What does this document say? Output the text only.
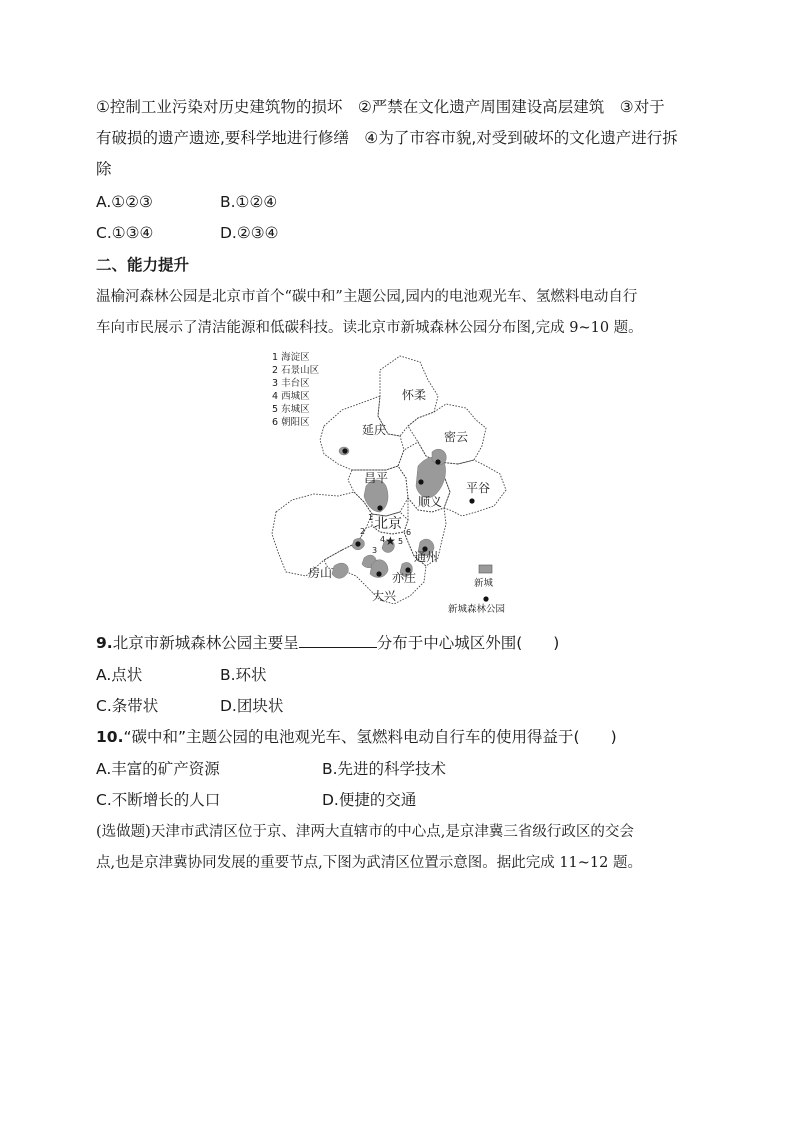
①控制工业污染对历史建筑物的损坏　②严禁在文化遗产周围建设高层建筑　③对于
有破损的遗产遗迹,要科学地进行修缮　④为了市容市貌,对受到破坏的文化遗产进行拆
除
A.①②③	B.①②④
C.①③④	D.②③④
二、能力提升
温榆河森林公园是北京市首个“碳中和”主题公园,园内的电池观光车、氢燃料电动自行
车向市民展示了清洁能源和低碳科技。读北京市新城森林公园分布图,完成 9~10 题。
1 海淀区
2 石景山区
3 丰台区
4 西城区
5 东城区
6 朝阳区
怀柔
延庆	密云
昌平
顺义
平谷
房山
通州
亦庄
大兴
北京
★
1
2
3
4 5
6
新城
新城森林公园
9.北京市新城森林公园主要呈	分布于中心城区外围(　　)
A.点状	B.环状
C.条带状	D.团块状
10.“碳中和”主题公园的电池观光车、氢燃料电动自行车的使用得益于(　　)
A.丰富的矿产资源	B.先进的科学技术
C.不断增长的人口	D.便捷的交通
(选做题)天津市武清区位于京、津两大直辖市的中心点,是京津冀三省级行政区的交会
点,也是京津冀协同发展的重要节点,下图为武清区位置示意图。据此完成 11~12 题。
